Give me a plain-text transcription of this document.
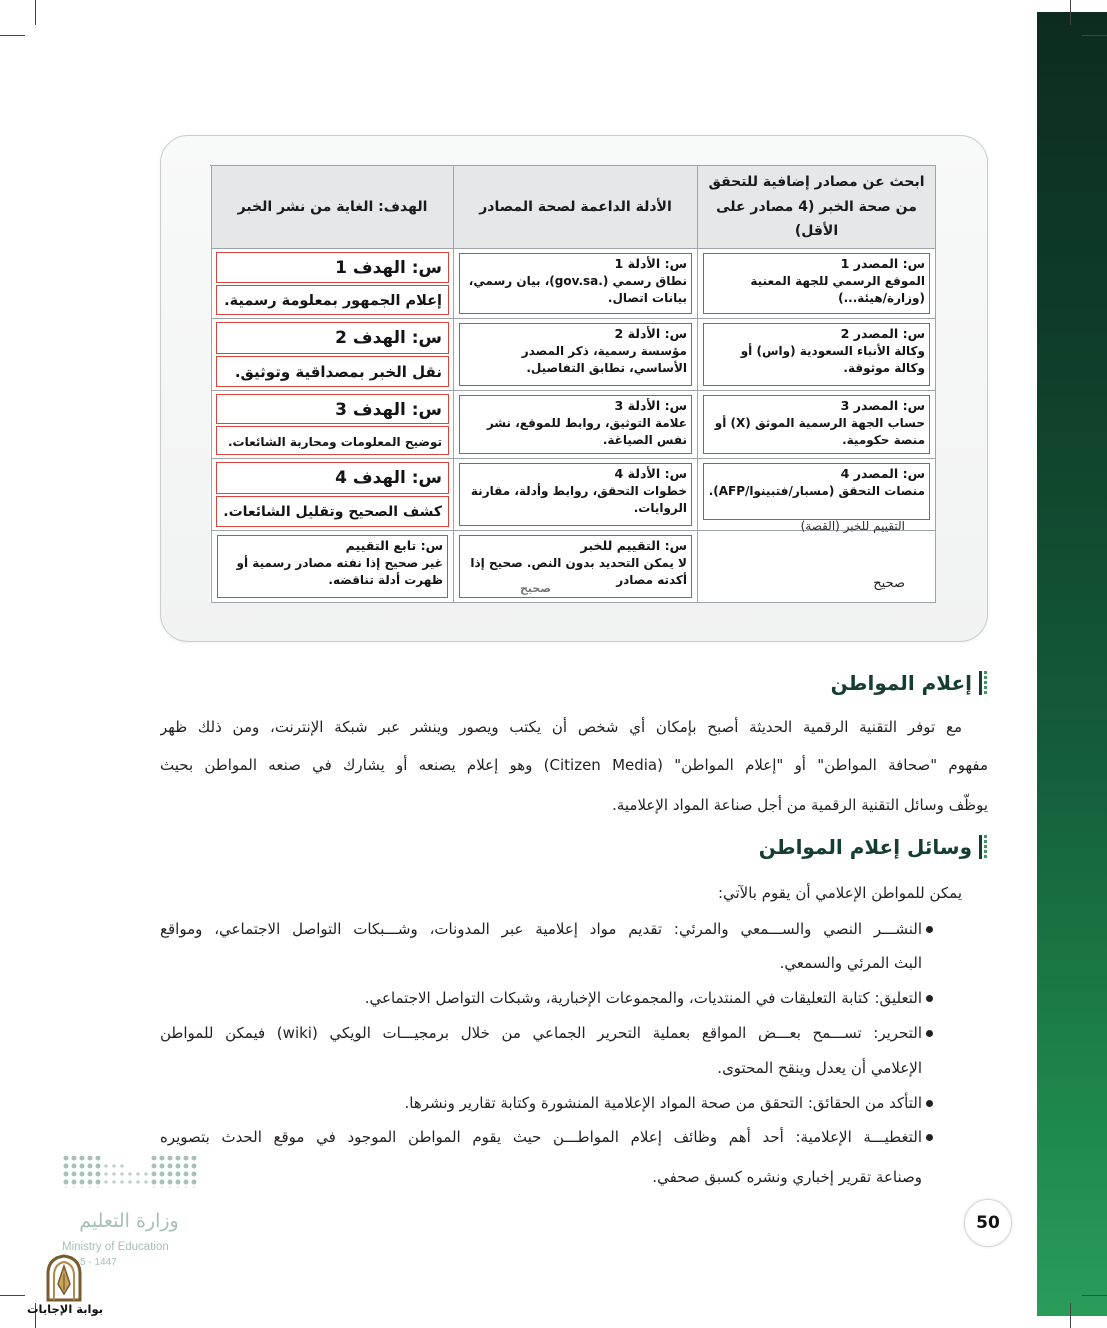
ابحث عن مصادر إضافية للتحقق من صحة الخبر (4 مصادر على الأقل)
الأدلة الداعمة لصحة المصادر
الهدف: الغاية من نشر الخبر
س: المصدر 1
الموقع الرسمي للجهة المعنية (وزارة/هيئة...)
س: الأدلة 1
نطاق رسمي (.gov.sa)، بيان رسمي، بيانات اتصال.
س: الهدف 1
إعلام الجمهور بمعلومة رسمية.
س: المصدر 2
وكالة الأنباء السعودية (واس) أو وكالة موثوقة.
س: الأدلة 2
مؤسسة رسمية، ذكر المصدر الأساسي، تطابق التفاصيل.
س: الهدف 2
نقل الخبر بمصداقية وتوثيق.
س: المصدر 3
حساب الجهة الرسمية الموثق (X) أو منصة حكومية.
س: الأدلة 3
علامة التوثيق، روابط للموقع، نشر نفس الصياغة.
س: الهدف 3
توضيح المعلومات ومحاربة الشائعات.
س: المصدر 4
منصات التحقق (مسبار/فتبينوا/AFP).
التقييم للخبر (القصة)
س: الأدلة 4
خطوات التحقق، روابط وأدلة، مقارنة الروايات.
س: الهدف 4
كشف الصحيح وتقليل الشائعات.
صحيح
س: التقييم للخبر
لا يمكن التحديد بدون النص. صحيح إذا أكدته مصادر
صحيح
س: تابع التقييم
غير صحيح إذا نفته مصادر رسمية أو ظهرت أدلة تناقضه.
إعلام المواطن
مع توفر التقنية الرقمية الحديثة أصبح بإمكان أي شخص أن يكتب ويصور وينشر عبر شبكة الإنترنت، ومن ذلك ظهر
مفهوم "صحافة المواطن" أو "إعلام المواطن" (Citizen Media) وهو إعلام يصنعه أو يشارك في صنعه المواطن بحيث
يوظّف وسائل التقنية الرقمية من أجل صناعة المواد الإعلامية.
وسائل إعلام المواطن
يمكن للمواطن الإعلامي أن يقوم بالآتي:
النشـــر النصي والســـمعي والمرئي: تقديم مواد إعلامية عبر المدونات، وشـــبكات التواصل الاجتماعي، ومواقع
البث المرئي والسمعي.
التعليق: كتابة التعليقات في المنتديات، والمجموعات الإخبارية، وشبكات التواصل الاجتماعي.
التحرير: تســـمح بعـــض المواقع بعملية التحرير الجماعي من خلال برمجيـــات الويكي (wiki) فيمكن للمواطن
الإعلامي أن يعدل وينقح المحتوى.
التأكد من الحقائق: التحقق من صحة المواد الإعلامية المنشورة وكتابة تقارير ونشرها.
التغطيـــة الإعلامية: أحد أهم وظائف إعلام المواطـــن حيث يقوم المواطن الموجود في موقع الحدث بتصويره
وصناعة تقرير إخباري ونشره كسبق صحفي.
50
وزارة التعليم
Ministry of Education
5 - 1447
بوابة الإجابات
